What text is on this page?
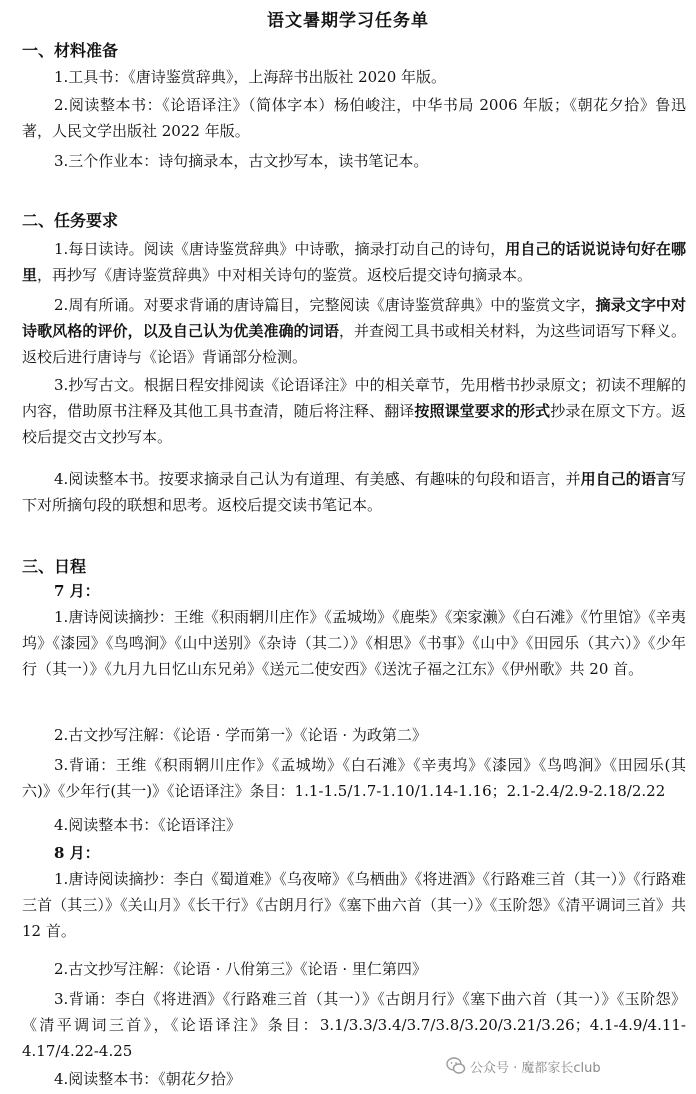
语文暑期学习任务单
一、材料准备
1.工具书：《唐诗鉴赏辞典》，上海辞书出版社 2020 年版。
2.阅读整本书：《论语译注》（简体字本）杨伯峻注，中华书局 2006 年版；《朝花夕拾》鲁迅著，人民文学出版社 2022 年版。
3.三个作业本：诗句摘录本，古文抄写本，读书笔记本。
二、任务要求
1.每日读诗。阅读《唐诗鉴赏辞典》中诗歌，摘录打动自己的诗句，用自己的话说说诗句好在哪里，再抄写《唐诗鉴赏辞典》中对相关诗句的鉴赏。返校后提交诗句摘录本。
2.周有所诵。对要求背诵的唐诗篇目，完整阅读《唐诗鉴赏辞典》中的鉴赏文字，摘录文字中对诗歌风格的评价，以及自己认为优美准确的词语，并查阅工具书或相关材料，为这些词语写下释义。返校后进行唐诗与《论语》背诵部分检测。
3.抄写古文。根据日程安排阅读《论语译注》中的相关章节，先用楷书抄录原文；初读不理解的内容，借助原书注释及其他工具书查清，随后将注释、翻译按照课堂要求的形式抄录在原文下方。返校后提交古文抄写本。
4.阅读整本书。按要求摘录自己认为有道理、有美感、有趣味的句段和语言，并用自己的语言写下对所摘句段的联想和思考。返校后提交读书笔记本。
三、日程
7 月：
1.唐诗阅读摘抄：王维《积雨辋川庄作》《孟城坳》《鹿柴》《栾家濑》《白石滩》《竹里馆》《辛夷坞》《漆园》《鸟鸣涧》《山中送别》《杂诗（其二）》《相思》《书事》《山中》《田园乐（其六）》《少年行（其一）》《九月九日忆山东兄弟》《送元二使安西》《送沈子福之江东》《伊州歌》共 20 首。
2.古文抄写注解：《论语 · 学而第一》《论语 · 为政第二》
3.背诵：王维《积雨辋川庄作》《孟城坳》《白石滩》《辛夷坞》《漆园》《鸟鸣涧》《田园乐(其六)》《少年行(其一)》《论语译注》条目：1.1-1.5/1.7-1.10/1.14-1.16；2.1-2.4/2.9-2.18/2.22
4.阅读整本书：《论语译注》
8 月：
1.唐诗阅读摘抄：李白《蜀道难》《乌夜啼》《乌栖曲》《将进酒》《行路难三首（其一）》《行路难三首（其三）》《关山月》《长干行》《古朗月行》《塞下曲六首（其一）》《玉阶怨》《清平调词三首》共 12 首。
2.古文抄写注解：《论语 · 八佾第三》《论语 · 里仁第四》
3.背诵：李白《将进酒》《行路难三首（其一）》《古朗月行》《塞下曲六首（其一）》《玉阶怨》《清平调词三首》，《论语译注》条目：3.1/3.3/3.4/3.7/3.8/3.20/3.21/3.26；4.1-4.9/4.11-4.17/4.22-4.25
4.阅读整本书：《朝花夕拾》
公众号 · 魔都家长club
